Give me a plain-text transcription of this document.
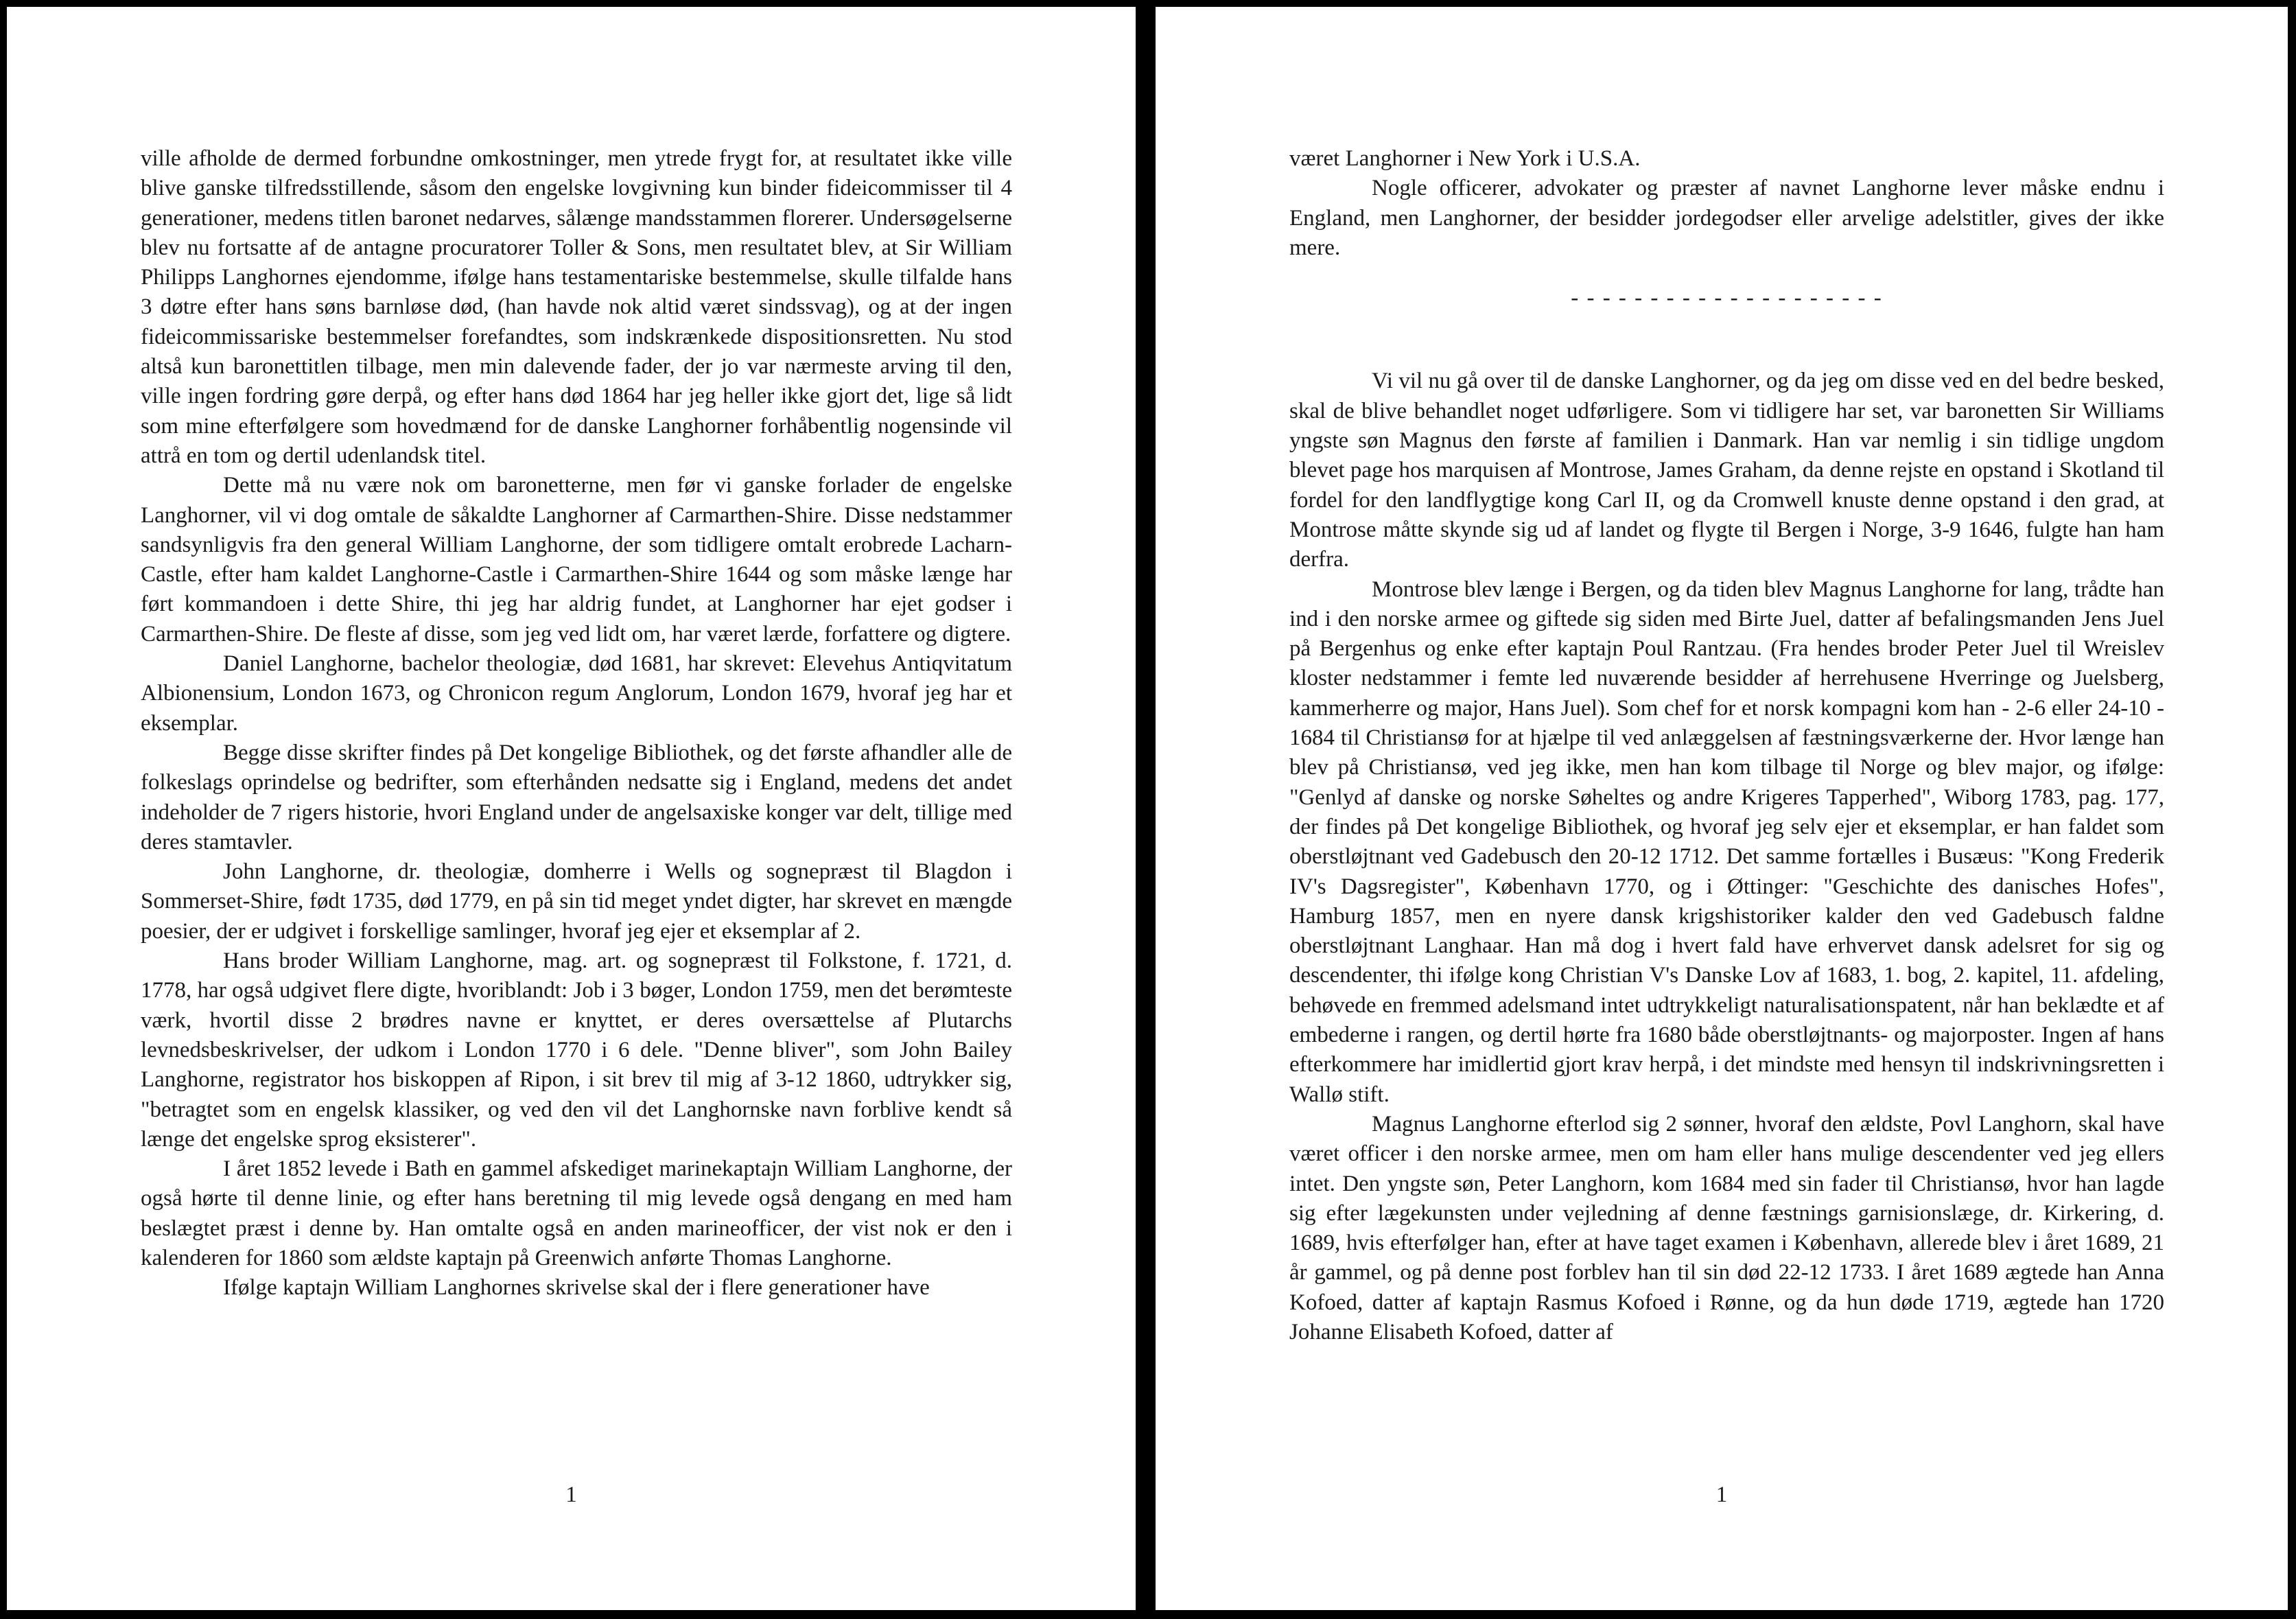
ville afholde de dermed forbundne omkostninger, men ytrede frygt for, at resultatet ikke ville blive ganske tilfredsstillende, såsom den engelske lovgivning kun binder fideicommisser til 4 generationer, medens titlen baronet nedarves, sålænge mandsstammen florerer. Undersøgelserne blev nu fortsatte af de antagne procuratorer Toller & Sons, men resultatet blev, at Sir William Philipps Langhornes ejendomme, ifølge hans testamentariske bestemmelse, skulle tilfalde hans 3 døtre efter hans søns barnløse død, (han havde nok altid været sindssvag), og at der ingen fideicommissariske bestemmelser forefandtes, som indskrænkede dispositionsretten. Nu stod altså kun baronettitlen tilbage, men min dalevende fader, der jo var nærmeste arving til den, ville ingen fordring gøre derpå, og efter hans død 1864 har jeg heller ikke gjort det, lige så lidt som mine efterfølgere som hovedmænd for de danske Langhorner forhåbentlig nogensinde vil attrå en tom og dertil udenlandsk titel.

Dette må nu være nok om baronetterne, men før vi ganske forlader de engelske Langhorner, vil vi dog omtale de såkaldte Langhorner af Carmarthen-Shire. Disse nedstammer sandsynligvis fra den general William Langhorne, der som tidligere omtalt erobrede Lacharn-Castle, efter ham kaldet Langhorne-Castle i Carmarthen-Shire 1644 og som måske længe har ført kommandoen i dette Shire, thi jeg har aldrig fundet, at Langhorner har ejet godser i Carmarthen-Shire. De fleste af disse, som jeg ved lidt om, har været lærde, forfattere og digtere.

Daniel Langhorne, bachelor theologiæ, død 1681, har skrevet: Elevehus Antiqvitatum Albionensium, London 1673, og Chronicon regum Anglorum, London 1679, hvoraf jeg har et eksemplar.

Begge disse skrifter findes på Det kongelige Bibliothek, og det første afhandler alle de folkeslags oprindelse og bedrifter, som efterhånden nedsatte sig i England, medens det andet indeholder de 7 rigers historie, hvori England under de angelsaxiske konger var delt, tillige med deres stamtavler.

John Langhorne, dr. theologiæ, domherre i Wells og sognepræst til Blagdon i Sommerset-Shire, født 1735, død 1779, en på sin tid meget yndet digter, har skrevet en mængde poesier, der er udgivet i forskellige samlinger, hvoraf jeg ejer et eksemplar af 2.

Hans broder William Langhorne, mag. art. og sognepræst til Folkstone, f. 1721, d. 1778, har også udgivet flere digte, hvoriblandt: Job i 3 bøger, London 1759, men det berømteste værk, hvortil disse 2 brødres navne er knyttet, er deres oversættelse af Plutarchs levnedsbeskrivelser, der udkom i London 1770 i 6 dele. "Denne bliver", som John Bailey Langhorne, registrator hos biskoppen af Ripon, i sit brev til mig af 3-12 1860, udtrykker sig, "betragtet som en engelsk klassiker, og ved den vil det Langhornske navn forblive kendt så længe det engelske sprog eksisterer".

I året 1852 levede i Bath en gammel afskediget marinekaptajn William Langhorne, der også hørte til denne linie, og efter hans beretning til mig levede også dengang en med ham beslægtet præst i denne by. Han omtalte også en anden marineofficer, der vist nok er den i kalenderen for 1860 som ældste kaptajn på Greenwich anførte Thomas Langhorne.

Ifølge kaptajn William Langhornes skrivelse skal der i flere generationer have

1

været Langhorner i New York i U.S.A.

Nogle officerer, advokater og præster af navnet Langhorne lever måske endnu i England, men Langhorner, der besidder jordegodser eller arvelige adelstitler, gives der ikke mere.

- - - - - - - - - - - - - - - - - - - -

Vi vil nu gå over til de danske Langhorner, og da jeg om disse ved en del bedre besked, skal de blive behandlet noget udførligere. Som vi tidligere har set, var baronetten Sir Williams yngste søn Magnus den første af familien i Danmark. Han var nemlig i sin tidlige ungdom blevet page hos marquisen af Montrose, James Graham, da denne rejste en opstand i Skotland til fordel for den landflygtige kong Carl II, og da Cromwell knuste denne opstand i den grad, at Montrose måtte skynde sig ud af landet og flygte til Bergen i Norge, 3-9 1646, fulgte han ham derfra.

Montrose blev længe i Bergen, og da tiden blev Magnus Langhorne for lang, trådte han ind i den norske armee og giftede sig siden med Birte Juel, datter af befalingsmanden Jens Juel på Bergenhus og enke efter kaptajn Poul Rantzau. (Fra hendes broder Peter Juel til Wreislev kloster nedstammer i femte led nuværende besidder af herrehusene Hverringe og Juelsberg, kammerherre og major, Hans Juel). Som chef for et norsk kompagni kom han - 2-6 eller 24-10 - 1684 til Christiansø for at hjælpe til ved anlæggelsen af fæstningsværkerne der. Hvor længe han blev på Christiansø, ved jeg ikke, men han kom tilbage til Norge og blev major, og ifølge: "Genlyd af danske og norske Søheltes og andre Krigeres Tapperhed", Wiborg 1783, pag. 177, der findes på Det kongelige Bibliothek, og hvoraf jeg selv ejer et eksemplar, er han faldet som oberstløjtnant ved Gadebusch den 20-12 1712. Det samme fortælles i Busæus: "Kong Frederik IV's Dagsregister", København 1770, og i Øttinger: "Geschichte des danisches Hofes", Hamburg 1857, men en nyere dansk krigshistoriker kalder den ved Gadebusch faldne oberstløjtnant Langhaar. Han må dog i hvert fald have erhvervet dansk adelsret for sig og descendenter, thi ifølge kong Christian V's Danske Lov af 1683, 1. bog, 2. kapitel, 11. afdeling, behøvede en fremmed adelsmand intet udtrykkeligt naturalisationspatent, når han beklædte et af embederne i rangen, og dertil hørte fra 1680 både oberstløjtnants- og majorposter. Ingen af hans efterkommere har imidlertid gjort krav herpå, i det mindste med hensyn til indskrivningsretten i Wallø stift.

Magnus Langhorne efterlod sig 2 sønner, hvoraf den ældste, Povl Langhorn, skal have været officer i den norske armee, men om ham eller hans mulige descendenter ved jeg ellers intet. Den yngste søn, Peter Langhorn, kom 1684 med sin fader til Christiansø, hvor han lagde sig efter lægekunsten under vejledning af denne fæstnings garnisionslæge, dr. Kirkering, d. 1689, hvis efterfølger han, efter at have taget examen i København, allerede blev i året 1689, 21 år gammel, og på denne post forblev han til sin død 22-12 1733. I året 1689 ægtede han Anna Kofoed, datter af kaptajn Rasmus Kofoed i Rønne, og da hun døde 1719, ægtede han 1720 Johanne Elisabeth Kofoed, datter af

1
